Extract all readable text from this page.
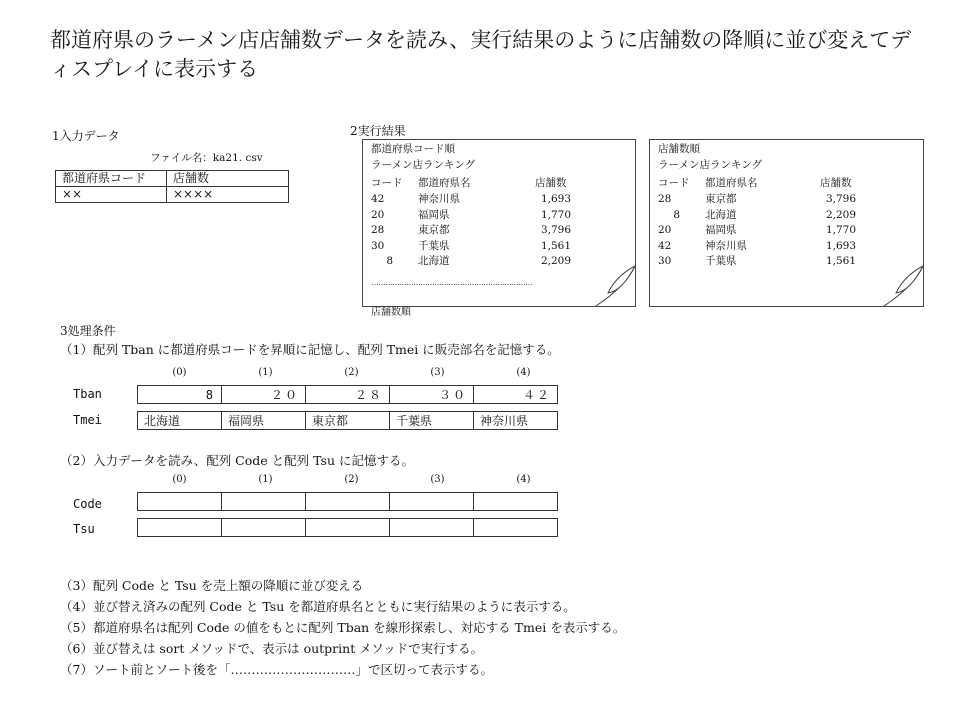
都道府県のラーメン店店舗数データを読み、実行結果のように店舗数の降順に並び変えてディスプレイに表示する
1入力データ
ファイル名：ka21. csv
都道府県コード	店舗数
××	××××
2実行結果
都道府県コード順
ラーメン店ランキング
コード 都道府県名	店舗数
42	神奈川県	1,693
20	福岡県	1,770
28	東京都	3,796
30	千葉県	1,561
8 北海道	2,209
……………………………………………………………
店舗数順
店舗数順
ラーメン店ランキング
コード 都道府県名	店舗数
28	東京都	3,796
8 北海道	2,209
20	福岡県	1,770
42	神奈川県	1,693
30	千葉県	1,561
3処理条件
（1）配列 Tban に都道府県コードを昇順に記憶し、配列 Tmei に販売部名を記憶する。
(0)	(1)	(2)	(3)	(4)
Tban	8	２０	２８	３０	４２
Tmei	北海道	福岡県	東京都	千葉県	神奈川県
（2）入力データを読み、配列 Code と配列 Tsu に記憶する。
(0)	(1)	(2)	(3)	(4)
Code
Tsu
（3）配列 Code と Tsu を売上額の降順に並び変える
（4）並び替え済みの配列 Code と Tsu を都道府県名とともに実行結果のように表示する。
（5）都道府県名は配列 Code の値をもとに配列 Tban を線形探索し、対応する Tmei を表示する。
（6）並び替えは sort メソッドで、表示は outprint メソッドで実行する。
（7）ソート前とソート後を「…………………………」で区切って表示する。
